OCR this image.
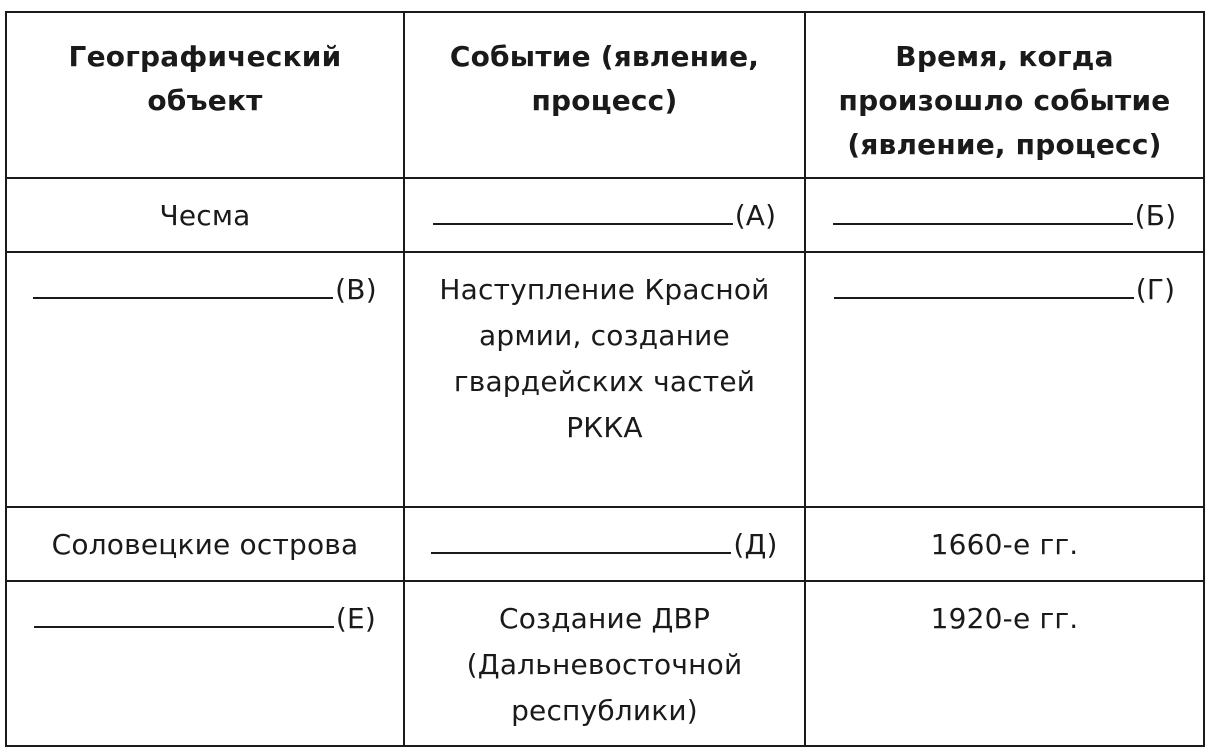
Географический объект	Событие (явление, процесс)	Время, когда произошло событие (явление, процесс)
Чесма	(А)	(Б)
(В)	Наступление Красной армии, создание гвардейских частей РККА	(Г)
Соловецкие острова	(Д)	1660-е гг.
(Е)	Создание ДВР (Дальневосточной республики)	1920-е гг.
